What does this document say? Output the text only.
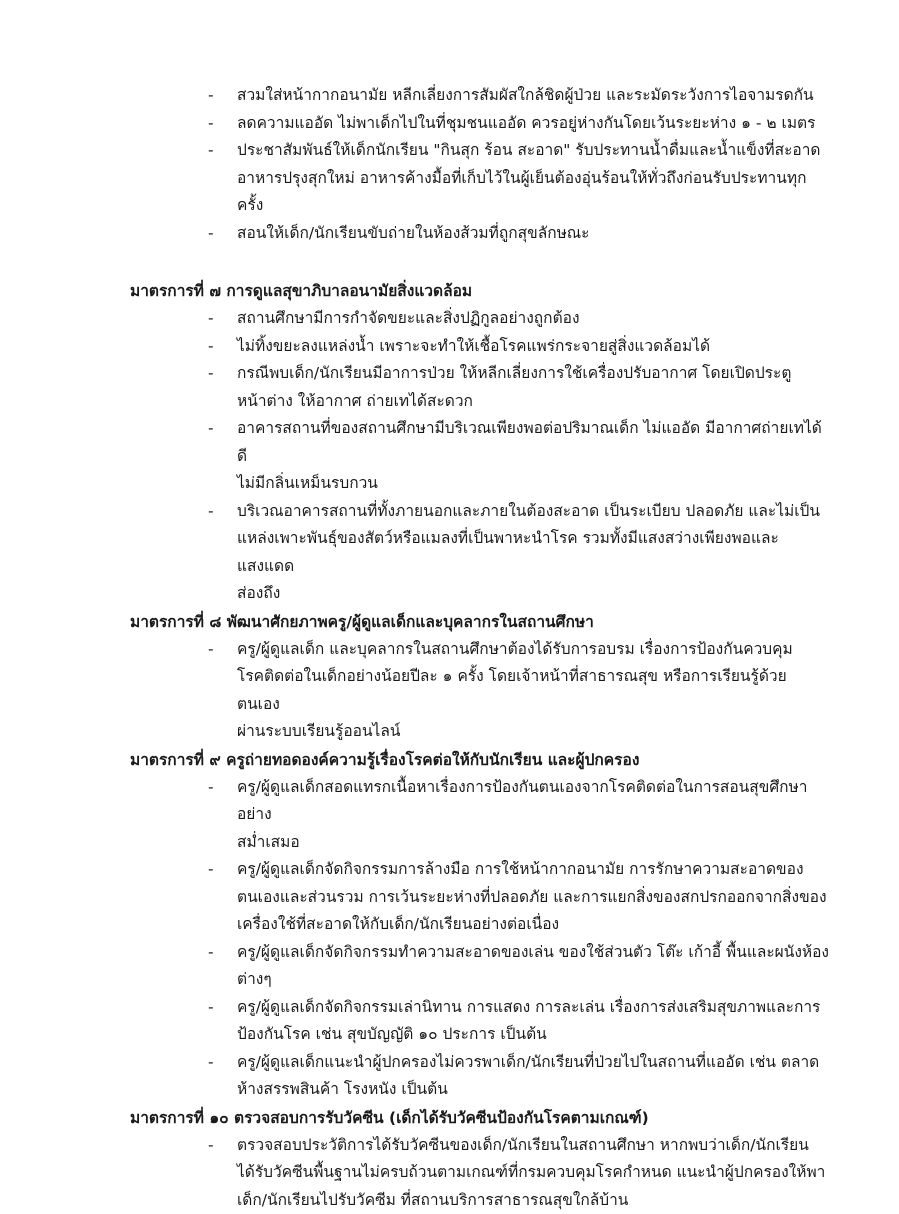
- สวมใส่หน้ากากอนามัย หลีกเลี่ยงการสัมผัสใกล้ชิดผู้ป่วย และระมัดระวังการไอจามรดกัน
- ลดความแออัด ไม่พาเด็กไปในที่ชุมชนแออัด ควรอยู่ห่างกันโดยเว้นระยะห่าง ๑ - ๒ เมตร
- ประชาสัมพันธ์ให้เด็กนักเรียน "กินสุก ร้อน สะอาด" รับประทานน้ำดื่มและน้ำแข็งที่สะอาด
อาหารปรุงสุกใหม่ อาหารค้างมื้อที่เก็บไว้ในผู้เย็นต้องอุ่นร้อนให้ทั่วถึงก่อนรับประทานทุกครั้ง
- สอนให้เด็ก/นักเรียนขับถ่ายในห้องส้วมที่ถูกสุขลักษณะ
มาตรการที่ ๗ การดูแลสุขาภิบาลอนามัยสิ่งแวดล้อม
- สถานศึกษามีการกำจัดขยะและสิ่งปฏิกูลอย่างถูกต้อง
- ไม่ทิ้งขยะลงแหล่งน้ำ เพราะจะทำให้เชื้อโรคแพร่กระจายสู่สิ่งแวดล้อมได้
- กรณีพบเด็ก/นักเรียนมีอาการป่วย ให้หลีกเลี่ยงการใช้เครื่องปรับอากาศ โดยเปิดประตู
หน้าต่าง ให้อากาศ ถ่ายเทได้สะดวก
- อาคารสถานที่ของสถานศึกษามีบริเวณเพียงพอต่อปริมาณเด็ก ไม่แออัด มีอากาศถ่ายเทได้ดี
ไม่มีกลิ่นเหม็นรบกวน
- บริเวณอาคารสถานที่ทั้งภายนอกและภายในต้องสะอาด เป็นระเบียบ ปลอดภัย และไม่เป็น
แหล่งเพาะพันธุ์ของสัตว์หรือแมลงที่เป็นพาหะนำโรค รวมทั้งมีแสงสว่างเพียงพอและแสงแดด
ส่องถึง
มาตรการที่ ๘ พัฒนาศักยภาพครู/ผู้ดูแลเด็กและบุคลากรในสถานศึกษา
- ครู/ผู้ดูแลเด็ก และบุคลากรในสถานศึกษาต้องได้รับการอบรม เรื่องการป้องกันควบคุม
โรคติดต่อในเด็กอย่างน้อยปีละ ๑ ครั้ง โดยเจ้าหน้าที่สาธารณสุข หรือการเรียนรู้ด้วยตนเอง
ผ่านระบบเรียนรู้ออนไลน์
มาตรการที่ ๙ ครูถ่ายทอดองค์ความรู้เรื่องโรคต่อให้กับนักเรียน และผู้ปกครอง
- ครู/ผู้ดูแลเด็กสอดแทรกเนื้อหาเรื่องการป้องกันตนเองจากโรคติดต่อในการสอนสุขศึกษาอย่าง
สม่ำเสมอ
- ครู/ผู้ดูแลเด็กจัดกิจกรรมการล้างมือ การใช้หน้ากากอนามัย การรักษาความสะอาดของ
ตนเองและส่วนรวม การเว้นระยะห่างที่ปลอดภัย และการแยกสิ่งของสกปรกออกจากสิ่งของ
เครื่องใช้ที่สะอาดให้กับเด็ก/นักเรียนอย่างต่อเนื่อง
- ครู/ผู้ดูแลเด็กจัดกิจกรรมทำความสะอาดของเล่น ของใช้ส่วนตัว โต๊ะ เก้าอี้ พื้นและผนังห้อง
ต่างๆ
- ครู/ผู้ดูแลเด็กจัดกิจกรรมเล่านิทาน การแสดง การละเล่น เรื่องการส่งเสริมสุขภาพและการ
ป้องกันโรค เช่น สุขบัญญัติ ๑๐ ประการ เป็นต้น
- ครู/ผู้ดูแลเด็กแนะนำผู้ปกครองไม่ควรพาเด็ก/นักเรียนที่ป่วยไปในสถานที่แออัด เช่น ตลาด
ห้างสรรพสินค้า โรงหนัง เป็นต้น
มาตรการที่ ๑๐ ตรวจสอบการรับวัคซีน (เด็กได้รับวัคซีนป้องกันโรคตามเกณฑ์)
- ตรวจสอบประวัติการได้รับวัคซีนของเด็ก/นักเรียนในสถานศึกษา หากพบว่าเด็ก/นักเรียน
ได้รับวัคซีนพื้นฐานไม่ครบถ้วนตามเกณฑ์ที่กรมควบคุมโรคกำหนด แนะนำผู้ปกครองให้พา
เด็ก/นักเรียนไปรับวัคซีม ที่สถานบริการสาธารณสุขใกล้บ้าน
